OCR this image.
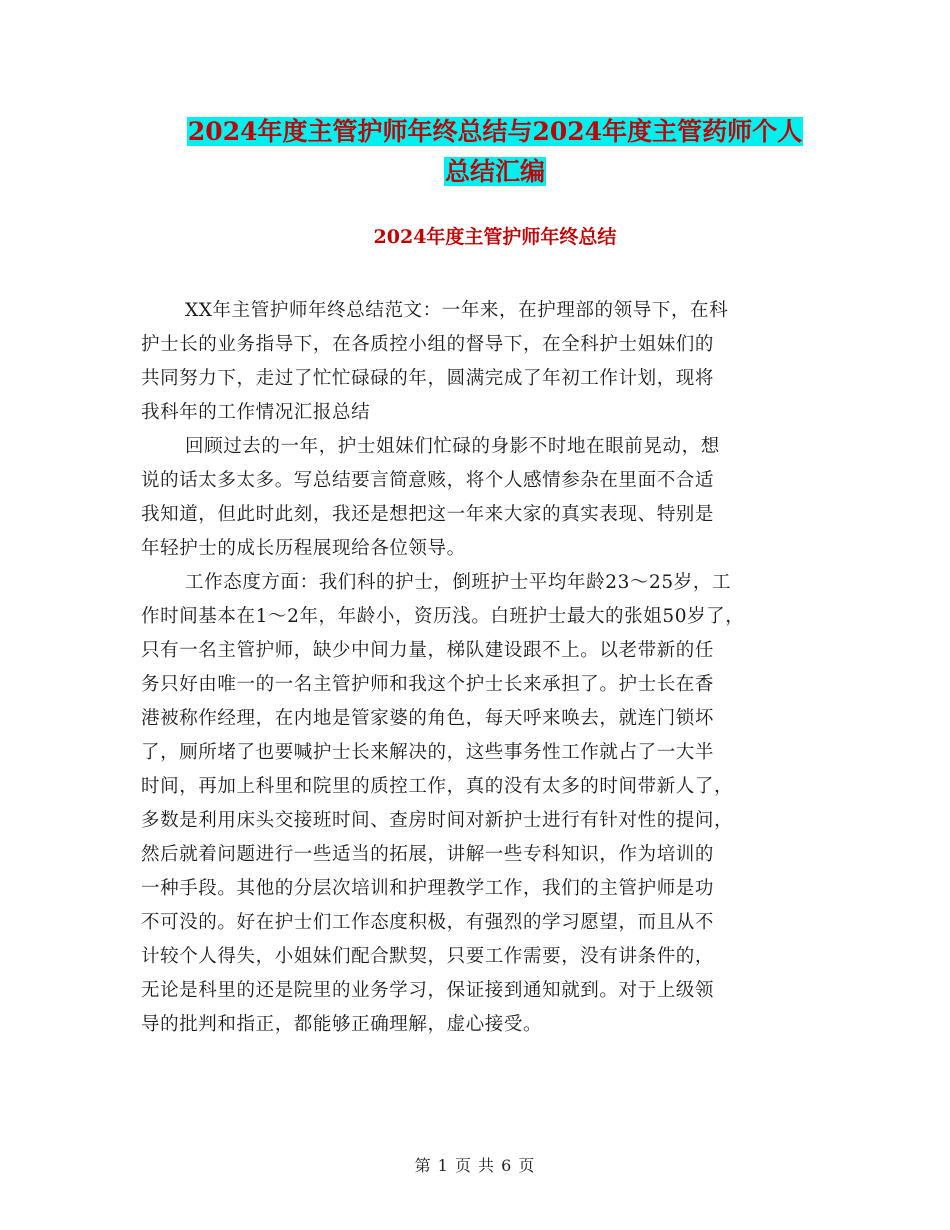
2024年度主管护师年终总结与2024年度主管药师个人
总结汇编
2024年度主管护师年终总结
XX年主管护师年终总结范文：一年来，在护理部的领导下，在科
护士长的业务指导下，在各质控小组的督导下，在全科护士姐妹们的
共同努力下，走过了忙忙碌碌的年，圆满完成了年初工作计划，现将
我科年的工作情况汇报总结
回顾过去的一年，护士姐妹们忙碌的身影不时地在眼前晃动，想
说的话太多太多。写总结要言简意赅，将个人感情参杂在里面不合适
我知道，但此时此刻，我还是想把这一年来大家的真实表现、特别是
年轻护士的成长历程展现给各位领导。
工作态度方面：我们科的护士，倒班护士平均年龄23～25岁，工
作时间基本在1～2年，年龄小，资历浅。白班护士最大的张姐50岁了，
只有一名主管护师，缺少中间力量，梯队建设跟不上。以老带新的任
务只好由唯一的一名主管护师和我这个护士长来承担了。护士长在香
港被称作经理，在内地是管家婆的角色，每天呼来唤去，就连门锁坏
了，厕所堵了也要喊护士长来解决的，这些事务性工作就占了一大半
时间，再加上科里和院里的质控工作，真的没有太多的时间带新人了，
多数是利用床头交接班时间、查房时间对新护士进行有针对性的提问，
然后就着问题进行一些适当的拓展，讲解一些专科知识，作为培训的
一种手段。其他的分层次培训和护理教学工作，我们的主管护师是功
不可没的。好在护士们工作态度积极，有强烈的学习愿望，而且从不
计较个人得失，小姐妹们配合默契，只要工作需要，没有讲条件的，
无论是科里的还是院里的业务学习，保证接到通知就到。对于上级领
导的批判和指正，都能够正确理解，虚心接受。
第 1 页 共 6 页
